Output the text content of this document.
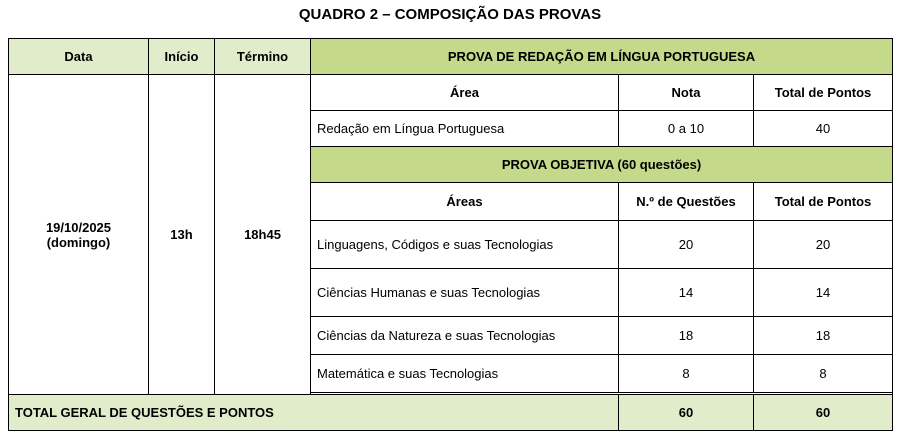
QUADRO 2 – COMPOSIÇÃO DAS PROVAS
Data	Início	Término	PROVA DE REDAÇÃO EM LÍNGUA PORTUGUESA		

19/10/2025
(domingo)	13h	18h45	Área	Nota	Total de Pontos
			Redação em Língua Portuguesa	0 a 10	40
			PROVA OBJETIVA (60 questões)		
			Áreas	N.º de Questões	Total de Pontos
			Linguagens, Códigos e suas Tecnologias	20	20
			Ciências Humanas e suas Tecnologias	14	14
			Ciências da Natureza e suas Tecnologias	18	18
			Matemática e suas Tecnologias	8	8

TOTAL GERAL DE QUESTÕES E PONTOS				60	60
